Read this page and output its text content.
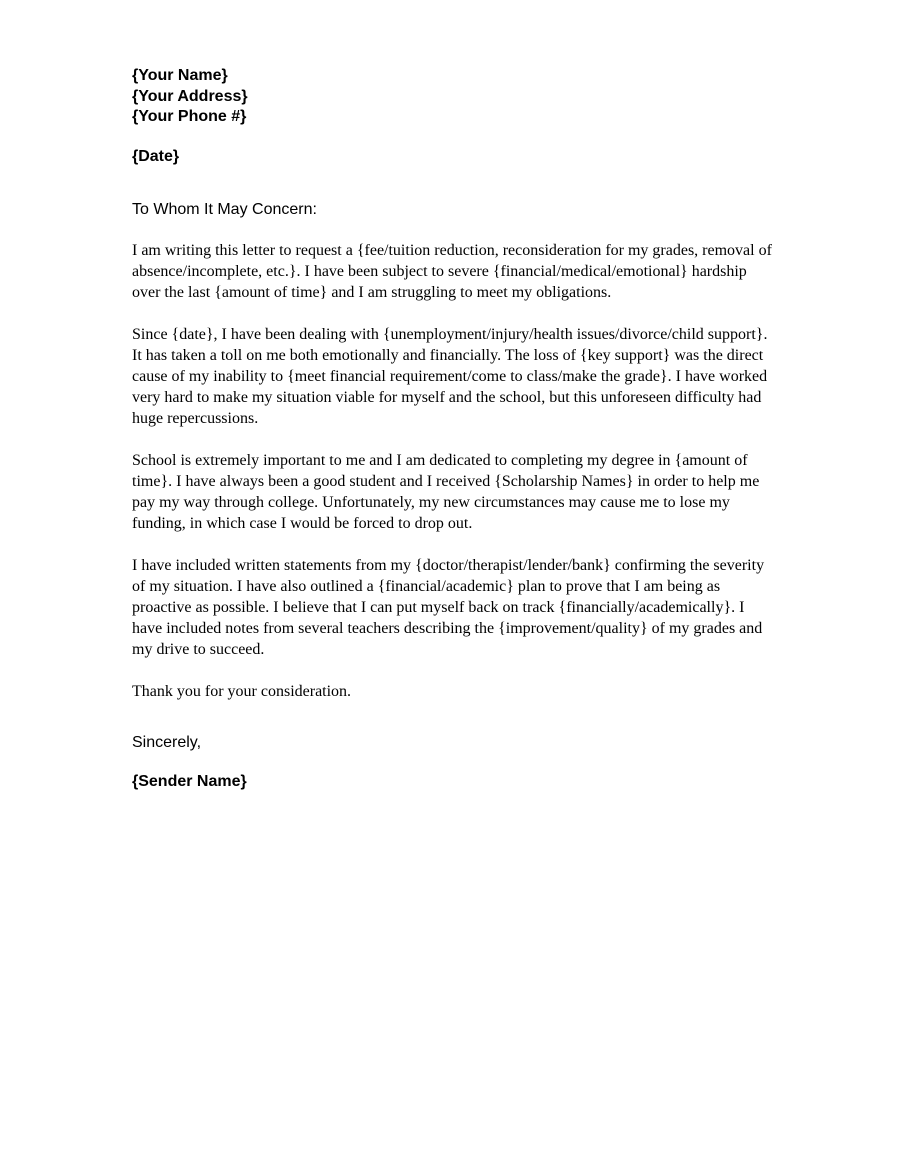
{Your Name}
{Your Address}
{Your Phone #}
{Date}
To Whom It May Concern:

I am writing this letter to request a {fee/tuition reduction, reconsideration for my grades, removal of absence/incomplete, etc.}. I have been subject to severe {financial/medical/emotional} hardship over the last {amount of time} and I am struggling to meet my obligations.

Since {date}, I have been dealing with {unemployment/injury/health issues/divorce/child support}. It has taken a toll on me both emotionally and financially. The loss of {key support} was the direct cause of my inability to {meet financial requirement/come to class/make the grade}. I have worked very hard to make my situation viable for myself and the school, but this unforeseen difficulty had huge repercussions.

School is extremely important to me and I am dedicated to completing my degree in {amount of time}. I have always been a good student and I received {Scholarship Names} in order to help me pay my way through college. Unfortunately, my new circumstances may cause me to lose my funding, in which case I would be forced to drop out.

I have included written statements from my {doctor/therapist/lender/bank} confirming the severity of my situation. I have also outlined a {financial/academic} plan to prove that I am being as proactive as possible. I believe that I can put myself back on track {financially/academically}. I have included notes from several teachers describing the {improvement/quality} of my grades and my drive to succeed.

Thank you for your consideration.

Sincerely,
{Sender Name}
